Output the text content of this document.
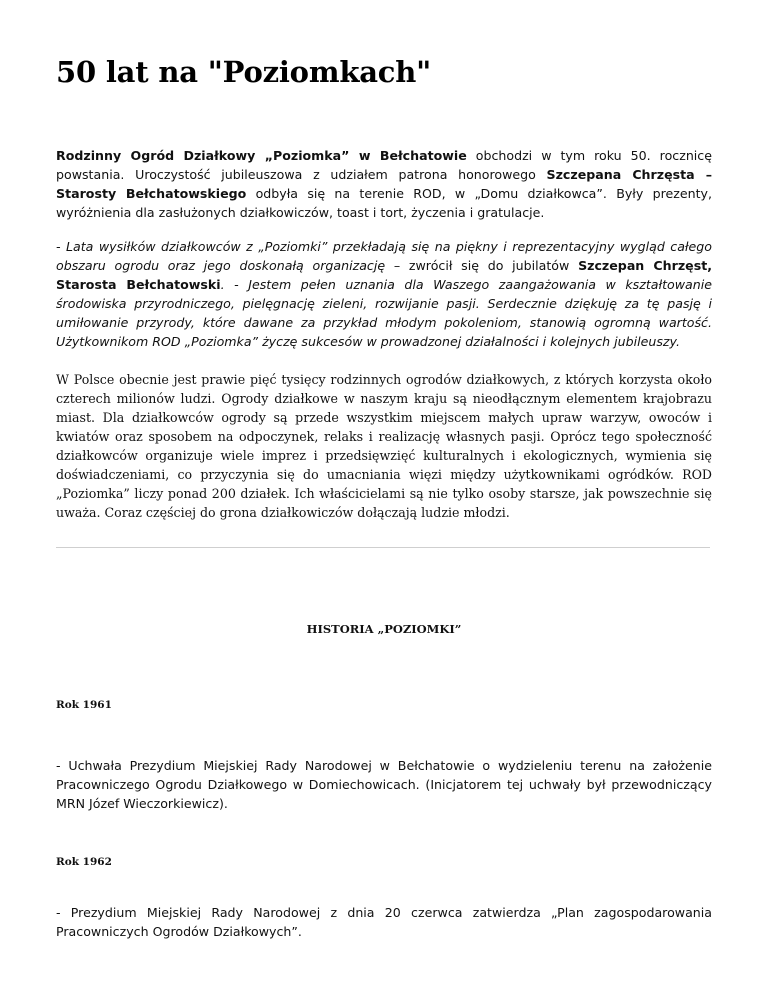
50 lat na "Poziomkach"

Rodzinny Ogród Działkowy „Poziomka” w Bełchatowie obchodzi w tym roku 50. rocznicę powstania. Uroczystość jubileuszowa z udziałem patrona honorowego Szczepana Chrzęsta – Starosty Bełchatowskiego odbyła się na terenie ROD, w „Domu działkowca”. Były prezenty, wyróżnienia dla zasłużonych działkowiczów, toast i tort, życzenia i gratulacje.

- Lata wysiłków działkowców z „Poziomki” przekładają się na piękny i reprezentacyjny wygląd całego obszaru ogrodu oraz jego doskonałą organizację – zwrócił się do jubilatów Szczepan Chrzęst, Starosta Bełchatowski. - Jestem pełen uznania dla Waszego zaangażowania w kształtowanie środowiska przyrodniczego, pielęgnację zieleni, rozwijanie pasji. Serdecznie dziękuję za tę pasję i umiłowanie przyrody, które dawane za przykład młodym pokoleniom, stanowią ogromną wartość. Użytkownikom ROD „Poziomka” życzę sukcesów w prowadzonej działalności i kolejnych jubileuszy.

W Polsce obecnie jest prawie pięć tysięcy rodzinnych ogrodów działkowych, z których korzysta około czterech milionów ludzi. Ogrody działkowe w naszym kraju są nieodłącznym elementem krajobrazu miast. Dla działkowców ogrody są przede wszystkim miejscem małych upraw warzyw, owoców i kwiatów oraz sposobem na odpoczynek, relaks i realizację własnych pasji. Oprócz tego społeczność działkowców organizuje wiele imprez i przedsięwzięć kulturalnych i ekologicznych, wymienia się doświadczeniami, co przyczynia się do umacniania więzi między użytkownikami ogródków. ROD „Poziomka” liczy ponad 200 działek. Ich właścicielami są nie tylko osoby starsze, jak powszechnie się uważa. Coraz częściej do grona działkowiczów dołączają ludzie młodzi.

HISTORIA „POZIOMKI”
Rok 1961

- Uchwała Prezydium Miejskiej Rady Narodowej w Bełchatowie o wydzieleniu terenu na założenie Pracowniczego Ogrodu Działkowego w Domiechowicach. (Inicjatorem tej uchwały był przewodniczący MRN Józef Wieczorkiewicz).

Rok 1962

- Prezydium Miejskiej Rady Narodowej z dnia 20 czerwca zatwierdza „Plan zagospodarowania Pracowniczych Ogrodów Działkowych”.
